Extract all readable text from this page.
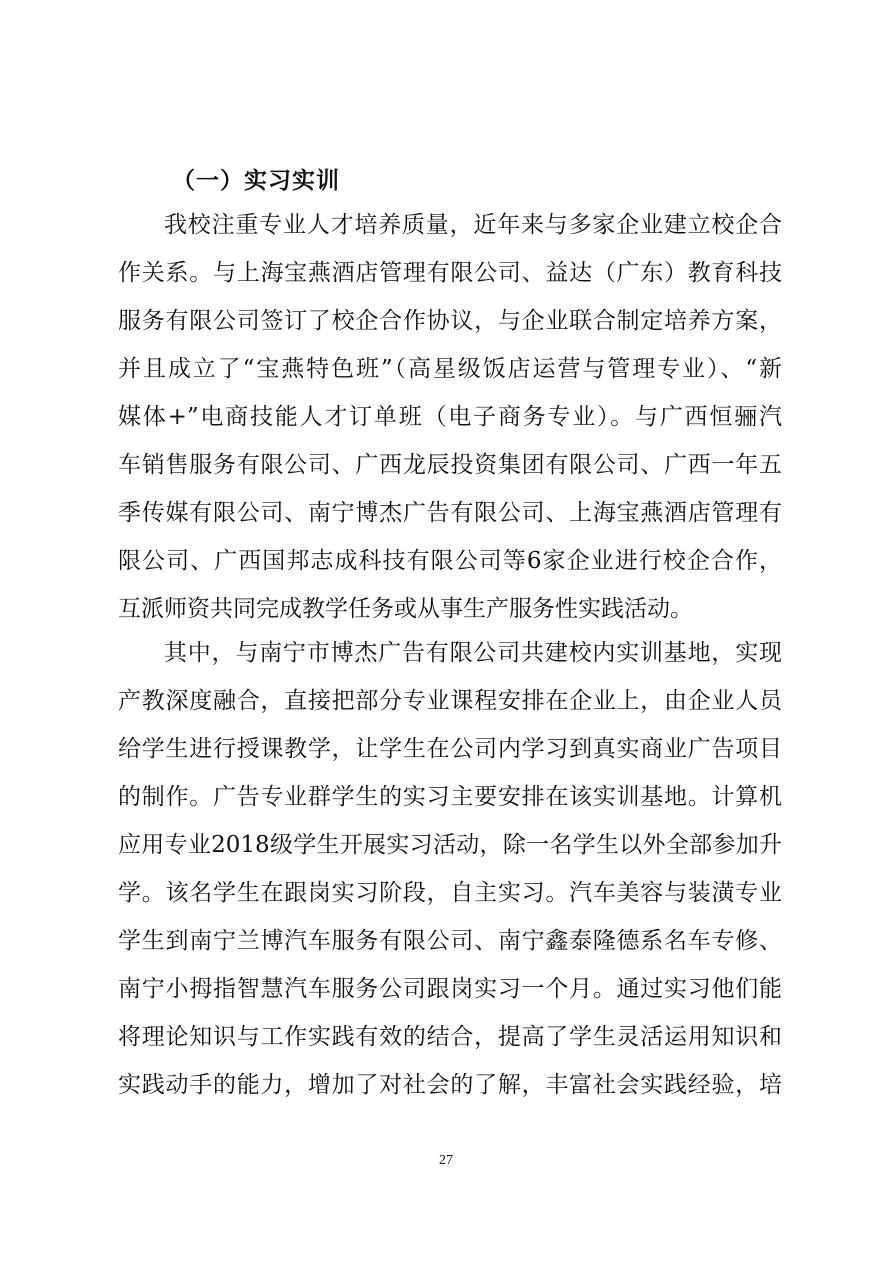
（一）实习实训
我校注重专业人才培养质量，近年来与多家企业建立校企合
作关系。与上海宝燕酒店管理有限公司、益达（广东）教育科技
服务有限公司签订了校企合作协议，与企业联合制定培养方案，
并且成立了“宝燕特色班”（高星级饭店运营与管理专业）、“新
媒体+”电商技能人才订单班（电子商务专业）。与广西恒骊汽
车销售服务有限公司、广西龙辰投资集团有限公司、广西一年五
季传媒有限公司、南宁博杰广告有限公司、上海宝燕酒店管理有
限公司、广西国邦志成科技有限公司等6家企业进行校企合作，
互派师资共同完成教学任务或从事生产服务性实践活动。
其中，与南宁市博杰广告有限公司共建校内实训基地，实现
产教深度融合，直接把部分专业课程安排在企业上，由企业人员
给学生进行授课教学，让学生在公司内学习到真实商业广告项目
的制作。广告专业群学生的实习主要安排在该实训基地。计算机
应用专业2018级学生开展实习活动，除一名学生以外全部参加升
学。该名学生在跟岗实习阶段，自主实习。汽车美容与装潢专业
学生到南宁兰博汽车服务有限公司、南宁鑫泰隆德系名车专修、
南宁小拇指智慧汽车服务公司跟岗实习一个月。通过实习他们能
将理论知识与工作实践有效的结合，提高了学生灵活运用知识和
实践动手的能力，增加了对社会的了解，丰富社会实践经验，培
27
